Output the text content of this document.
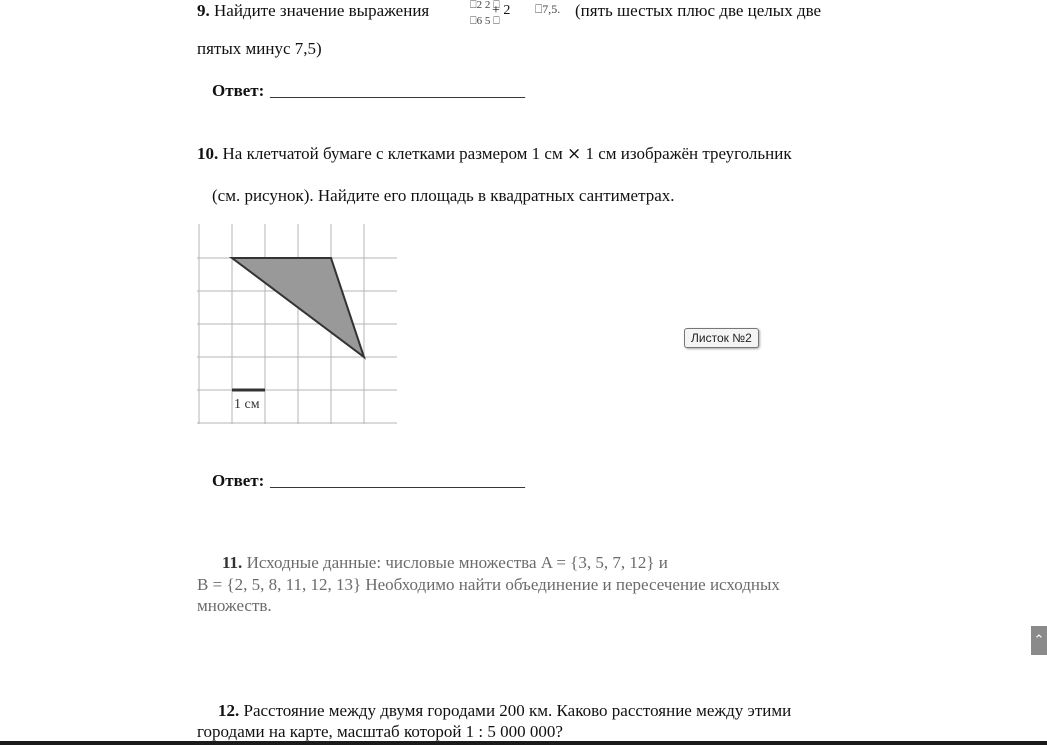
9. Найдите значение выражения	⎕2 2 ⎕
+ 2 ⎕7,5.
⎕6 5 ⎕
(пять шестых плюс две целых две
пятых минус 7,5)
Ответ: ______________________________
10. На клетчатой бумаге с клетками размером 1 см × 1 см изображён треугольник
(см. рисунок). Найдите его площадь в квадратных сантиметрах.
1 см
Листок №2
Ответ: ______________________________
11. Исходные данные: числовые множества A = {3, 5, 7, 12} и
B = {2, 5, 8, 11, 12, 13} Необходимо найти объединение и пересечение исходных
множеств.
12. Расстояние между двумя городами 200 км. Каково расстояние между этими
городами на карте, масштаб которой 1 : 5 000 000?
⌃
